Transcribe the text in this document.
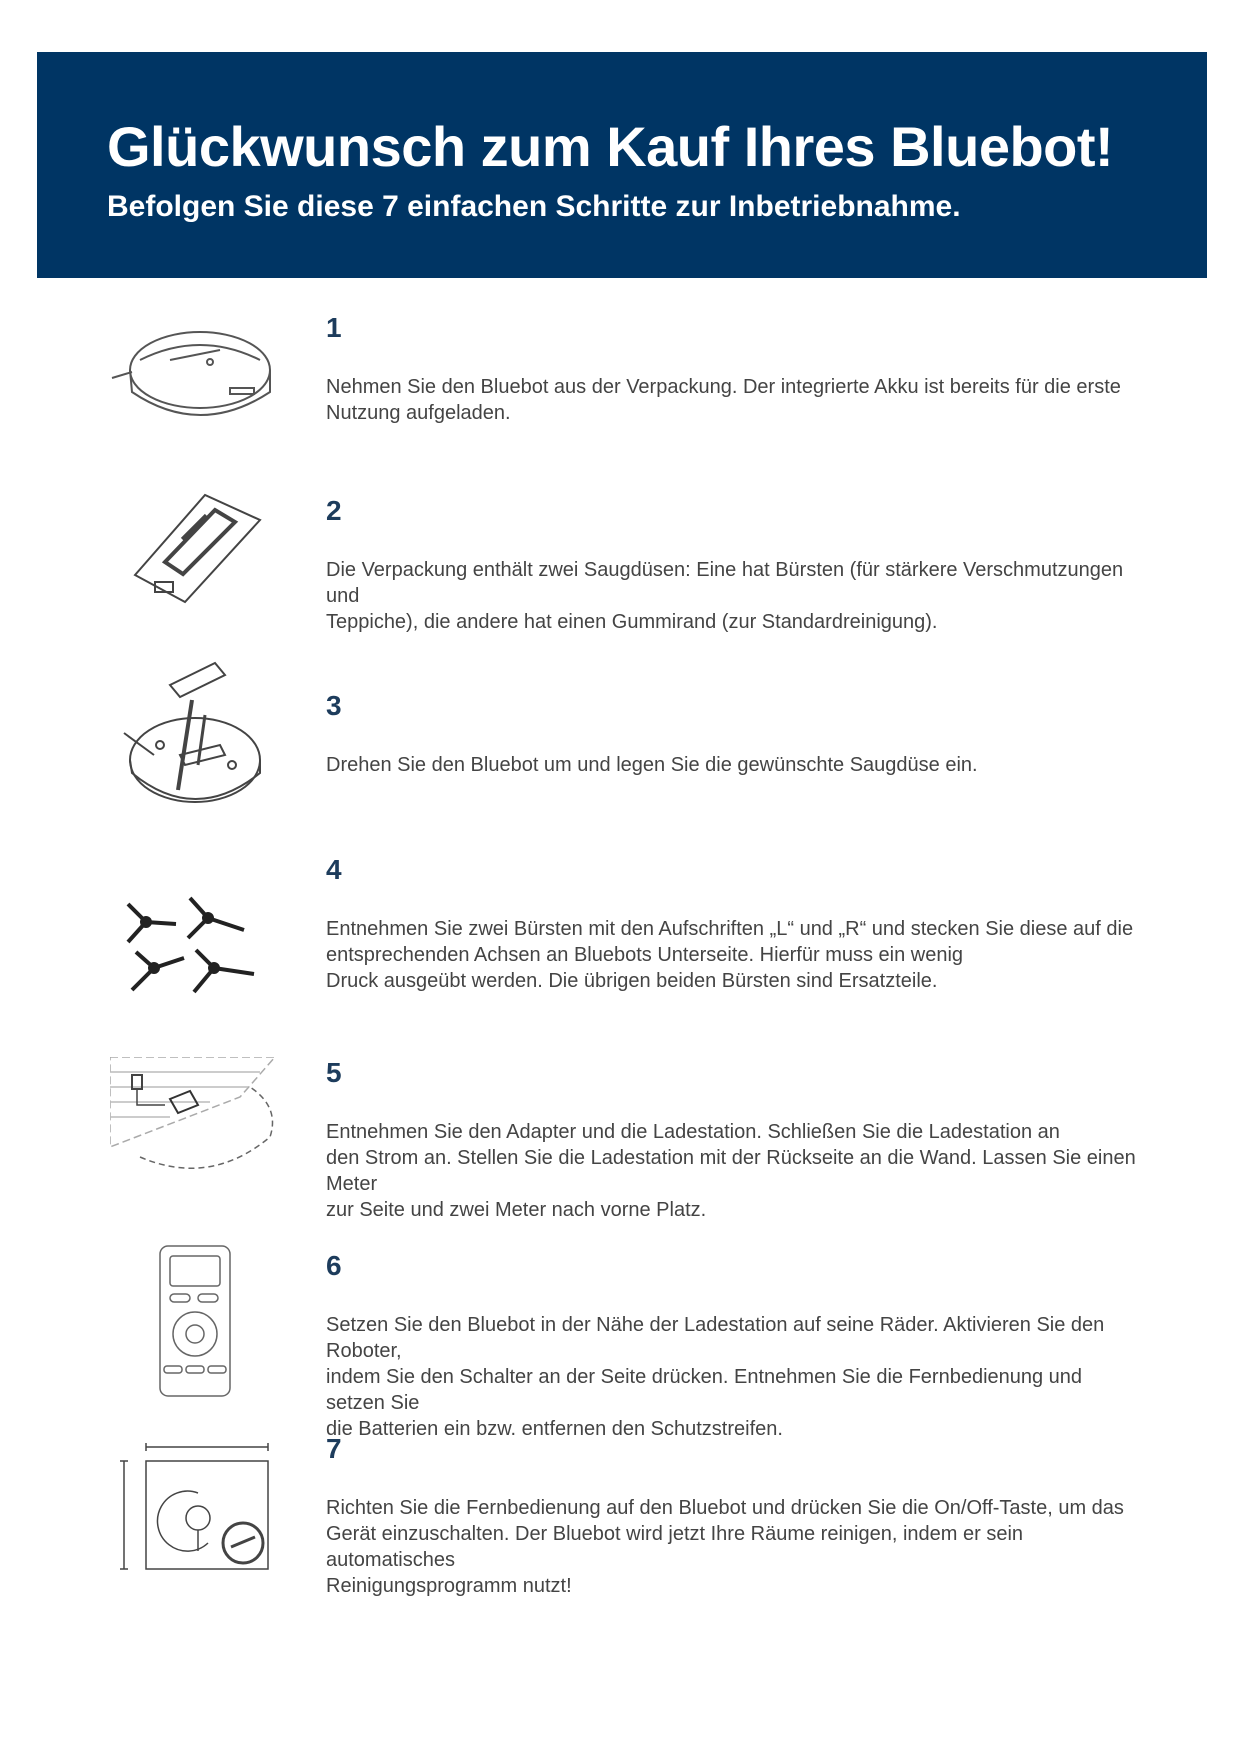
Glückwunsch zum Kauf Ihres Bluebot!
Befolgen Sie diese 7 einfachen Schritte zur Inbetriebnahme.
1
Nehmen Sie den Bluebot aus der Verpackung. Der integrierte Akku ist bereits für die erste
Nutzung aufgeladen.
2
Die Verpackung enthält zwei Saugdüsen: Eine hat Bürsten (für stärkere Verschmutzungen und
Teppiche), die andere hat einen Gummirand (zur Standardreinigung).
3
Drehen Sie den Bluebot um und legen Sie die gewünschte Saugdüse ein.
4
Entnehmen Sie zwei Bürsten mit den Aufschriften „L“ und „R“ und stecken Sie diese auf die
entsprechenden Achsen an Bluebots Unterseite. Hierfür muss ein wenig
Druck ausgeübt werden. Die übrigen beiden Bürsten sind Ersatzteile.
5
Entnehmen Sie den Adapter und die Ladestation. Schließen Sie die Ladestation an
den Strom an. Stellen Sie die Ladestation mit der Rückseite an die Wand. Lassen Sie einen Meter
zur Seite und zwei Meter nach vorne Platz.
6
Setzen Sie den Bluebot in der Nähe der Ladestation auf seine Räder. Aktivieren Sie den Roboter,
indem Sie den Schalter an der Seite drücken. Entnehmen Sie die Fernbedienung und setzen Sie
die Batterien ein bzw. entfernen den Schutzstreifen.
7
Richten Sie die Fernbedienung auf den Bluebot und drücken Sie die On/Off-Taste, um das
Gerät einzuschalten. Der Bluebot wird jetzt Ihre Räume reinigen, indem er sein automatisches
Reinigungsprogramm nutzt!
